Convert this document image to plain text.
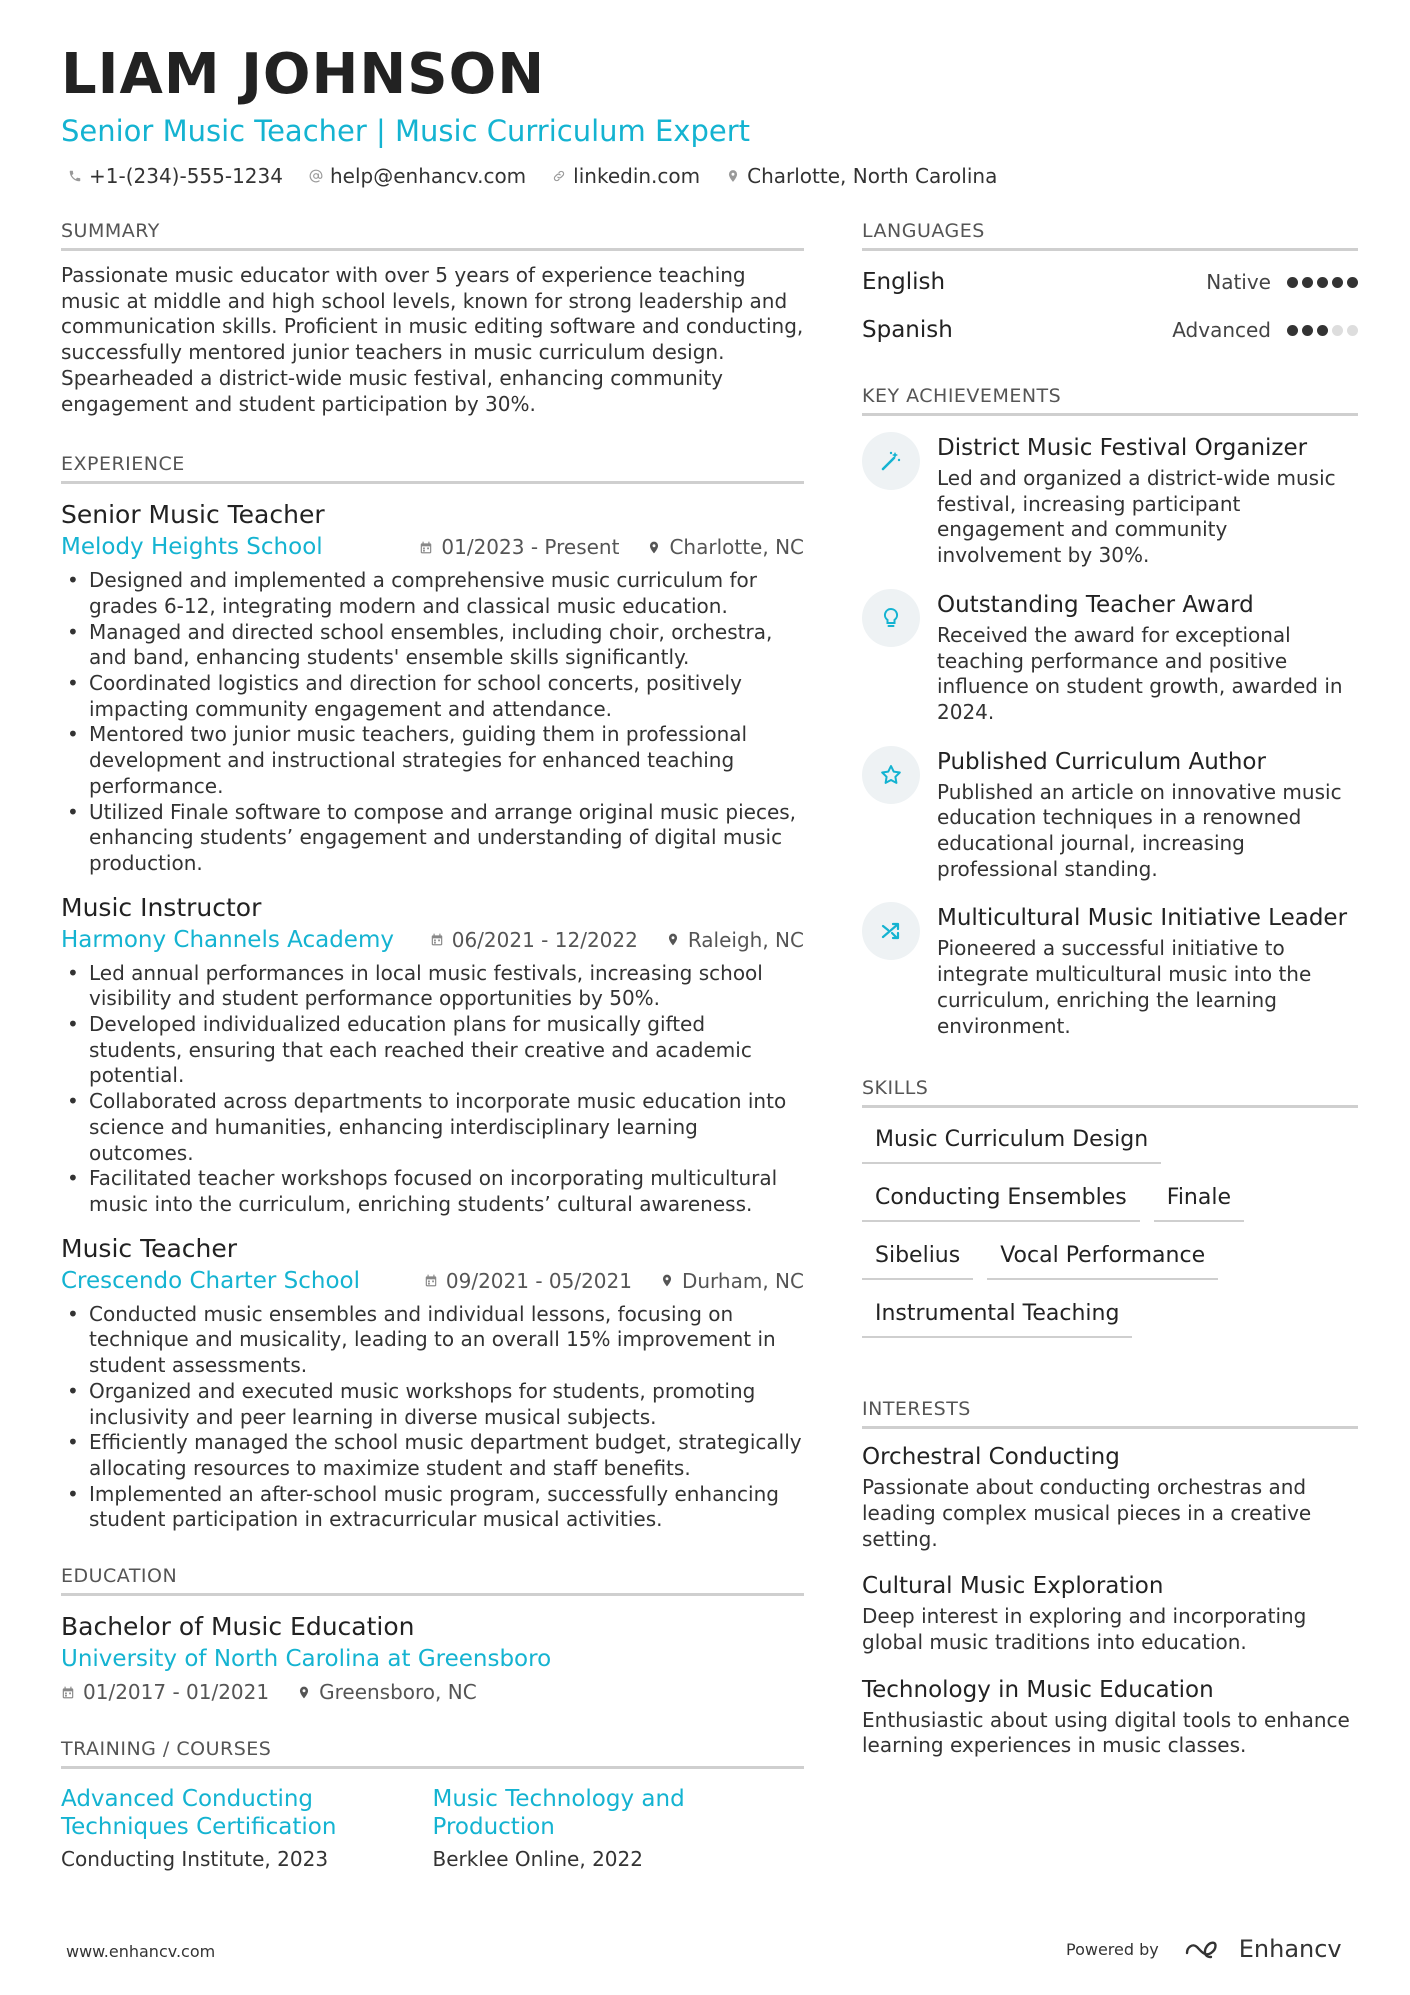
LIAM JOHNSON
Senior Music Teacher | Music Curriculum Expert
+1-(234)-555-1234 help@enhancv.com linkedin.com Charlotte, North Carolina
SUMMARY
Passionate music educator with over 5 years of experience teaching music at middle and high school levels, known for strong leadership and communication skills. Proficient in music editing software and conducting, successfully mentored junior teachers in music curriculum design. Spearheaded a district-wide music festival, enhancing community engagement and student participation by 30%.
EXPERIENCE
Senior Music Teacher
Melody Heights School	01/2023 - Present	Charlotte, NC
• Designed and implemented a comprehensive music curriculum for grades 6-12, integrating modern and classical music education.
• Managed and directed school ensembles, including choir, orchestra, and band, enhancing students' ensemble skills significantly.
• Coordinated logistics and direction for school concerts, positively impacting community engagement and attendance.
• Mentored two junior music teachers, guiding them in professional development and instructional strategies for enhanced teaching performance.
• Utilized Finale software to compose and arrange original music pieces, enhancing students’ engagement and understanding of digital music production.
Music Instructor
Harmony Channels Academy	06/2021 - 12/2022	Raleigh, NC
• Led annual performances in local music festivals, increasing school visibility and student performance opportunities by 50%.
• Developed individualized education plans for musically gifted students, ensuring that each reached their creative and academic potential.
• Collaborated across departments to incorporate music education into science and humanities, enhancing interdisciplinary learning outcomes.
• Facilitated teacher workshops focused on incorporating multicultural music into the curriculum, enriching students’ cultural awareness.
Music Teacher
Crescendo Charter School	09/2021 - 05/2021	Durham, NC
• Conducted music ensembles and individual lessons, focusing on technique and musicality, leading to an overall 15% improvement in student assessments.
• Organized and executed music workshops for students, promoting inclusivity and peer learning in diverse musical subjects.
• Efficiently managed the school music department budget, strategically allocating resources to maximize student and staff benefits.
• Implemented an after-school music program, successfully enhancing student participation in extracurricular musical activities.
EDUCATION
Bachelor of Music Education
University of North Carolina at Greensboro
01/2017 - 01/2021	Greensboro, NC
TRAINING / COURSES
Advanced Conducting Techniques Certification
Conducting Institute, 2023
Music Technology and Production
Berklee Online, 2022
LANGUAGES
English	Native
Spanish	Advanced
KEY ACHIEVEMENTS
District Music Festival Organizer
Led and organized a district-wide music festival, increasing participant engagement and community involvement by 30%.
Outstanding Teacher Award
Received the award for exceptional teaching performance and positive influence on student growth, awarded in 2024.
Published Curriculum Author
Published an article on innovative music education techniques in a renowned educational journal, increasing professional standing.
Multicultural Music Initiative Leader
Pioneered a successful initiative to integrate multicultural music into the curriculum, enriching the learning environment.
SKILLS
Music Curriculum Design
Conducting Ensembles	Finale
Sibelius	Vocal Performance
Instrumental Teaching
INTERESTS
Orchestral Conducting
Passionate about conducting orchestras and leading complex musical pieces in a creative setting.
Cultural Music Exploration
Deep interest in exploring and incorporating global music traditions into education.
Technology in Music Education
Enthusiastic about using digital tools to enhance learning experiences in music classes.
www.enhancv.com	Powered by	Enhancv
